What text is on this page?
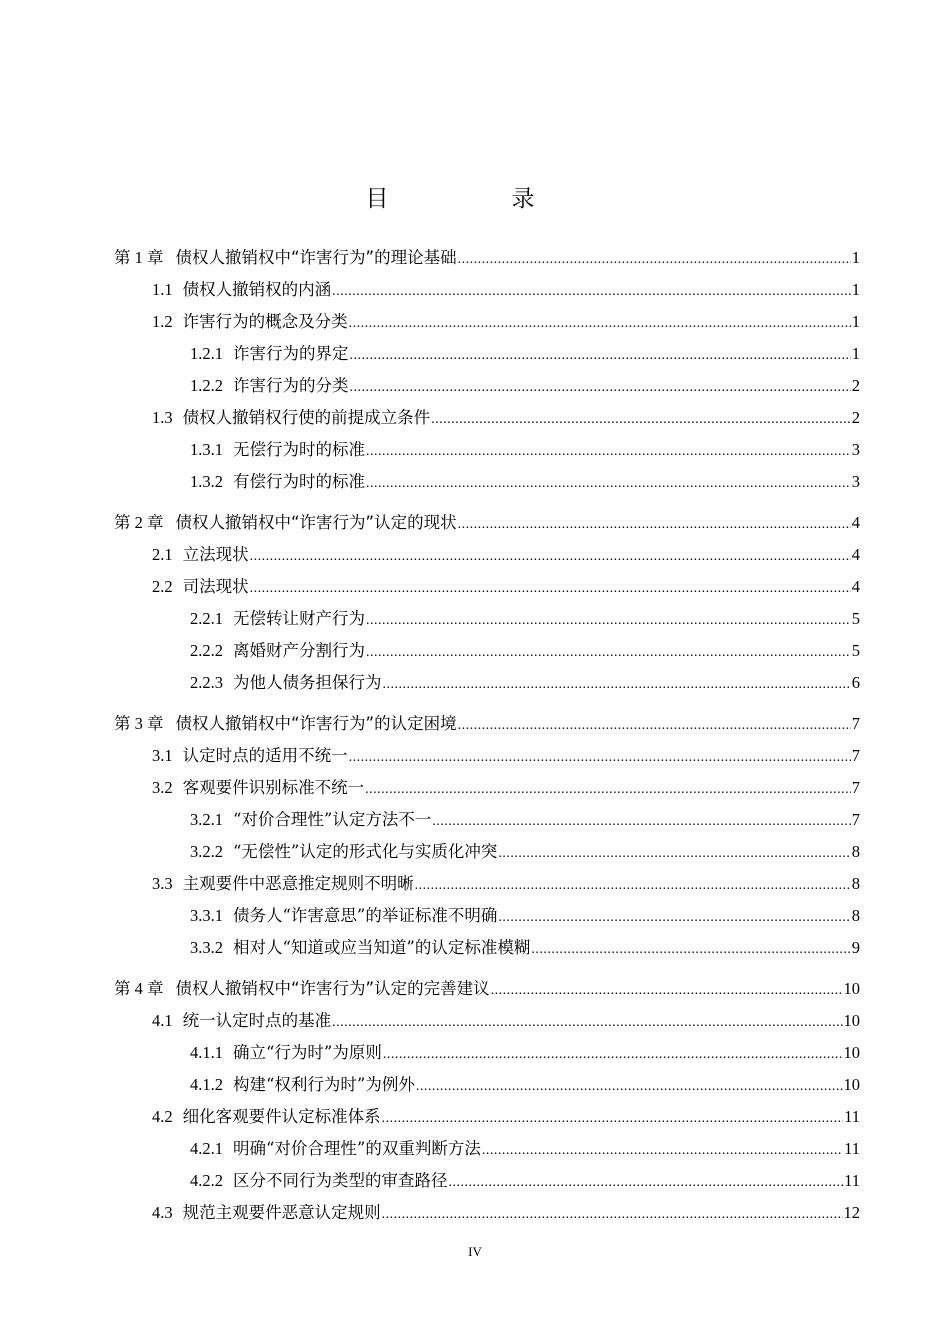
目　录
第 1 章 债权人撤销权中“诈害行为”的理论基础 .....	1
1.1 债权人撤销权的内涵 .....	1
1.2 诈害行为的概念及分类 .....	1
1.2.1 诈害行为的界定 .....	1
1.2.2 诈害行为的分类 .....	2
1.3 债权人撤销权行使的前提成立条件 .....	2
1.3.1 无偿行为时的标准 .....	3
1.3.2 有偿行为时的标准 .....	3
第 2 章 债权人撤销权中“诈害行为”认定的现状 .....	4
2.1 立法现状 .....	4
2.2 司法现状 .....	4
2.2.1 无偿转让财产行为 .....	5
2.2.2 离婚财产分割行为 .....	5
2.2.3 为他人债务担保行为 .....	6
第 3 章 债权人撤销权中“诈害行为”的认定困境 .....	7
3.1 认定时点的适用不统一 .....	7
3.2 客观要件识别标准不统一 .....	7
3.2.1 “对价合理性”认定方法不一 .....	7
3.2.2 “无偿性”认定的形式化与实质化冲突 .....	8
3.3 主观要件中恶意推定规则不明晰 .....	8
3.3.1 债务人“诈害意思”的举证标准不明确 .....	8
3.3.2 相对人“知道或应当知道”的认定标准模糊 .....	9
第 4 章 债权人撤销权中“诈害行为”认定的完善建议 .....	10
4.1 统一认定时点的基准 .....	10
4.1.1 确立“行为时”为原则 .....	10
4.1.2 构建“权利行为时”为例外 .....	10
4.2 细化客观要件认定标准体系 .....	11
4.2.1 明确“对价合理性”的双重判断方法 .....	11
4.2.2 区分不同行为类型的审查路径 .....	11
4.3 规范主观要件恶意认定规则 .....	12
IV
